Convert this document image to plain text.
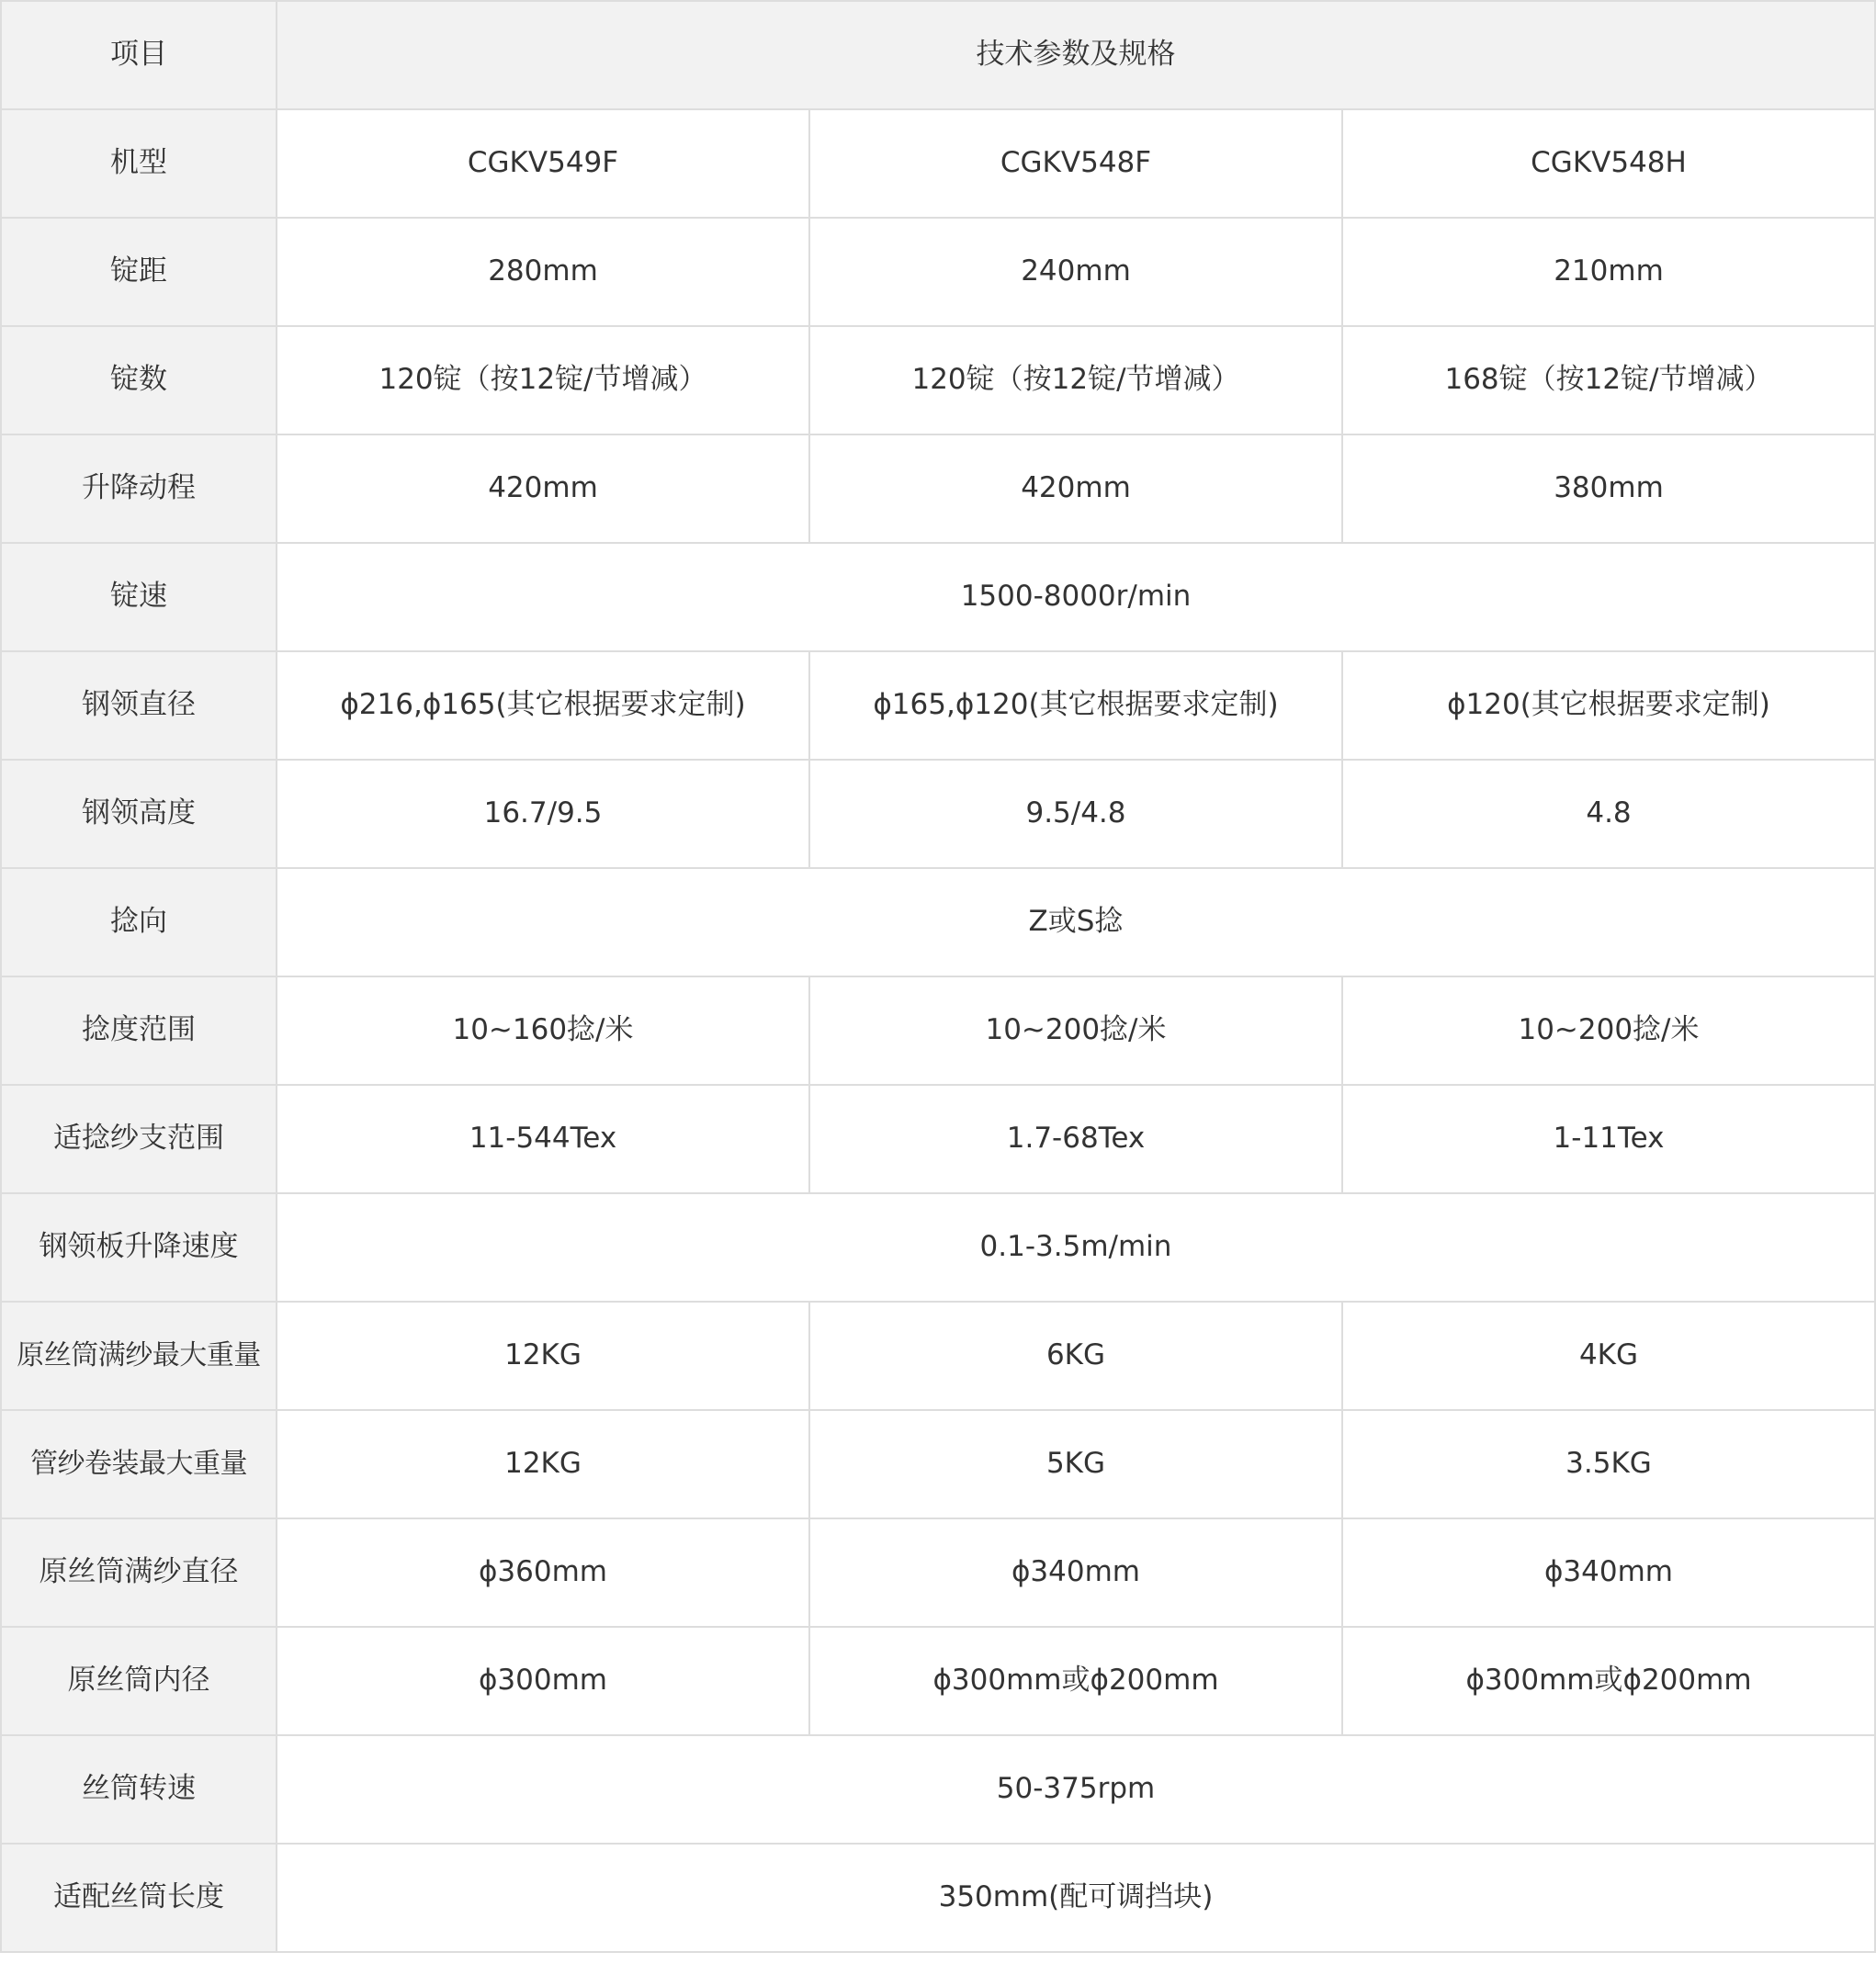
项目	技术参数及规格		
机型	CGKV549F	CGKV548F	CGKV548H
锭距	280mm	240mm	210mm
锭数	120锭（按12锭/节增减）	120锭（按12锭/节增减）	168锭（按12锭/节增减）
升降动程	420mm	420mm	380mm
锭速	1500-8000r/min		
钢领直径	ϕ216,ϕ165(其它根据要求定制)	ϕ165,ϕ120(其它根据要求定制)	ϕ120(其它根据要求定制)
钢领高度	16.7/9.5	9.5/4.8	4.8
捻向	Z或S捻		
捻度范围	10~160捻/米	10~200捻/米	10~200捻/米
适捻纱支范围	11-544Tex	1.7-68Tex	1-11Tex
钢领板升降速度	0.1-3.5m/min		
原丝筒满纱最大重量	12KG	6KG	4KG
管纱卷装最大重量	12KG	5KG	3.5KG
原丝筒满纱直径	ϕ360mm	ϕ340mm	ϕ340mm
原丝筒内径	ϕ300mm	ϕ300mm或ϕ200mm	ϕ300mm或ϕ200mm
丝筒转速	50-375rpm		
适配丝筒长度	350mm(配可调挡块)		
